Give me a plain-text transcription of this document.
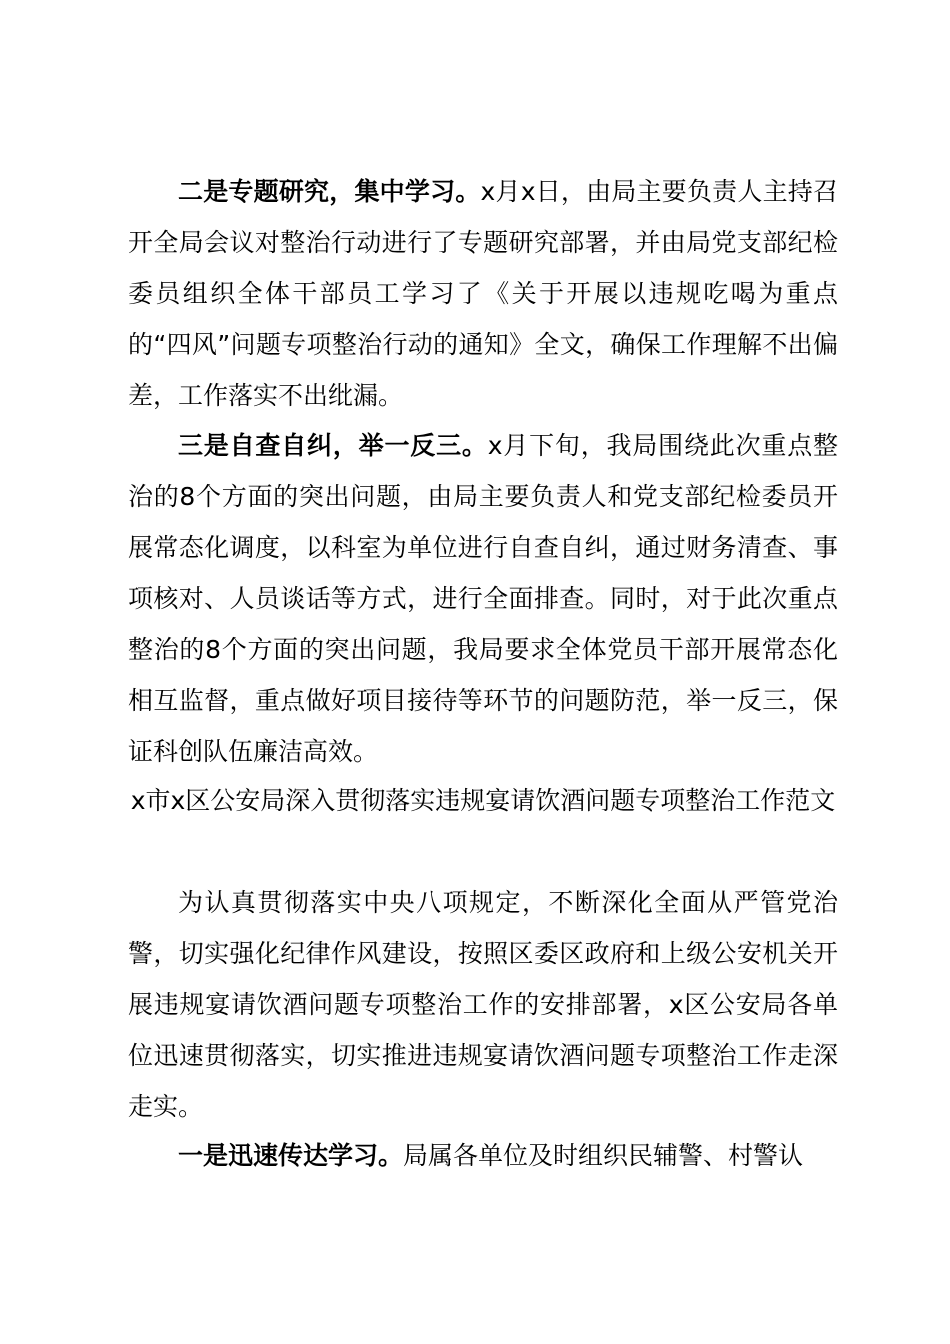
二是专题研究，集中学习。x月x日，由局主要负责人主持召开全局会议对整治行动进行了专题研究部署，并由局党支部纪检委员组织全体干部员工学习了《关于开展以违规吃喝为重点的“四风”问题专项整治行动的通知》全文，确保工作理解不出偏差，工作落实不出纰漏。

三是自查自纠，举一反三。x月下旬，我局围绕此次重点整治的8个方面的突出问题，由局主要负责人和党支部纪检委员开展常态化调度，以科室为单位进行自查自纠，通过财务清查、事项核对、人员谈话等方式，进行全面排查。同时，对于此次重点整治的8个方面的突出问题，我局要求全体党员干部开展常态化相互监督，重点做好项目接待等环节的问题防范，举一反三，保证科创队伍廉洁高效。

x市x区公安局深入贯彻落实违规宴请饮酒问题专项整治工作范文

为认真贯彻落实中央八项规定，不断深化全面从严管党治警，切实强化纪律作风建设，按照区委区政府和上级公安机关开展违规宴请饮酒问题专项整治工作的安排部署，x区公安局各单位迅速贯彻落实，切实推进违规宴请饮酒问题专项整治工作走深走实。

一是迅速传达学习。局属各单位及时组织民辅警、村警认
